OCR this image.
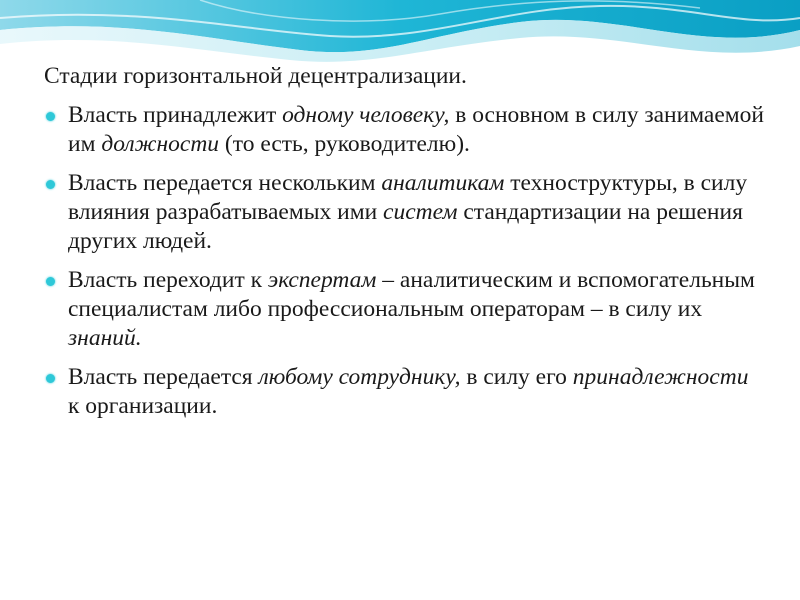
Стадии горизонтальной децентрализации.
Власть принадлежит одному человеку, в основном в силу занимаемой им должности (то есть, руководителю).
Власть передается нескольким аналитикам техноструктуры, в силу влияния разрабатываемых ими систем стандартизации на решения других людей.
Власть переходит к экспертам – аналитическим и вспомогательным специалистам либо профессиональным операторам – в силу их знаний.
Власть передается любому сотруднику, в силу его принадлежности к организации.
